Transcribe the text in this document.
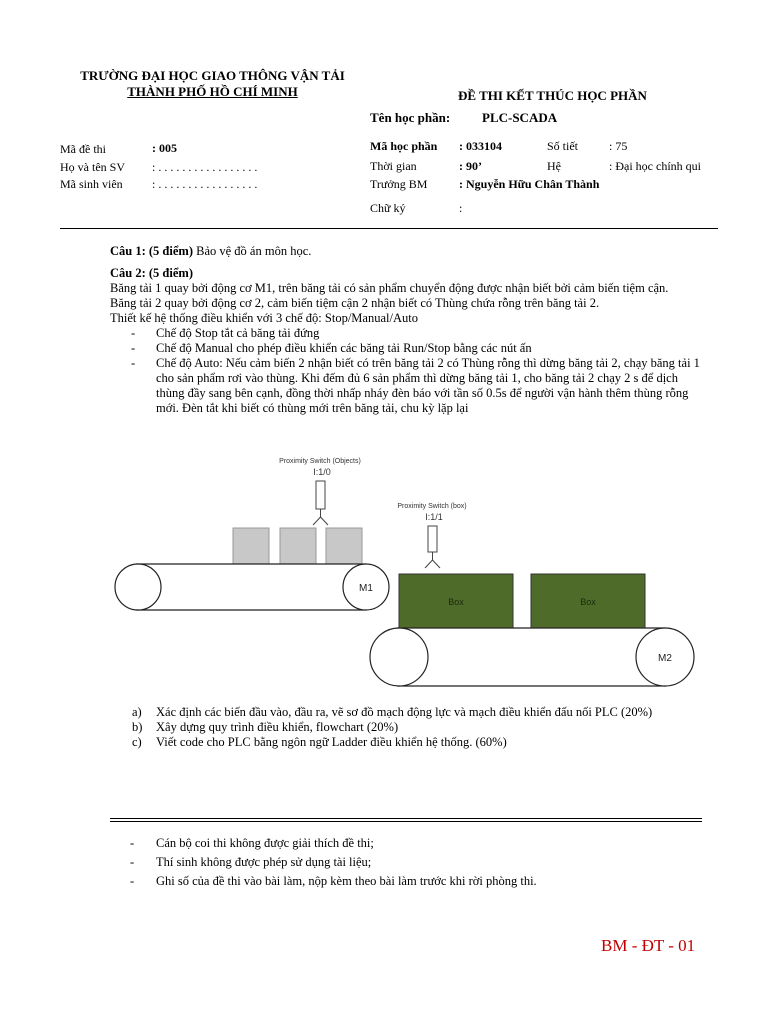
TRƯỜNG ĐẠI HỌC GIAO THÔNG VẬN TẢI
THÀNH PHỐ HỒ CHÍ MINH	ĐỀ THI KẾT THÚC HỌC PHẦN
Tên học phần: PLC-SCADA
Mã đề thi	: 005
Họ và tên SV : . . . . . . . . . . . . . . . . .
Mã sinh viên : . . . . . . . . . . . . . . . . .
Mã học phần : 033104	Số tiết	: 75
Thời gian	: 90’	Hệ	: Đại học chính qui
Trưởng BM	: Nguyễn Hữu Chân Thành
Chữ ký	:

Câu 1: (5 điểm) Bảo vệ đồ án môn học.

Câu 2: (5 điểm)

Băng tải 1 quay bởi động cơ M1, trên băng tải có sản phẩm chuyển động được nhận biết bởi cảm biến tiệm cận.

Băng tải 2 quay bởi động cơ 2, cảm biến tiệm cận 2 nhận biết có Thùng chứa rỗng trên băng tải 2.

Thiết kế hệ thống điều khiển với 3 chế độ: Stop/Manual/Auto

- Chế độ Stop tắt cả băng tải đứng
- Chế độ Manual cho phép điều khiển các băng tải Run/Stop bằng các nút ấn
- Chế độ Auto: Nếu cảm biến 2 nhận biết có trên băng tải 2 có Thùng rỗng thì dừng băng tải 2, chạy băng tải 1 cho sản phẩm rơi vào thùng. Khi đếm đủ 6 sản phẩm thì dừng băng tải 1, cho băng tải 2 chạy 2 s để dịch thùng đầy sang bên cạnh, đồng thời nhấp nháy đèn báo với tần số 0.5s để người vận hành thêm thùng rỗng mới. Đèn tắt khi biết có thùng mới trên băng tải, chu kỳ lặp lại
Proximity Switch (Objects)
I:1/0
M1
Proximity Switch (box)
I:1/1
Box	Box
M2
a) Xác định các biến đầu vào, đầu ra, vẽ sơ đồ mạch động lực và mạch điều khiển đấu nối PLC (20%)
b) Xây dựng quy trình điều khiển, flowchart (20%)
c) Viết code cho PLC bằng ngôn ngữ Ladder điều khiển hệ thống. (60%)
- Cán bộ coi thi không được giải thích đề thi;
- Thí sinh không được phép sử dụng tài liệu;
- Ghi số của đề thi vào bài làm, nộp kèm theo bài làm trước khi rời phòng thi.
BM - ĐT - 01
